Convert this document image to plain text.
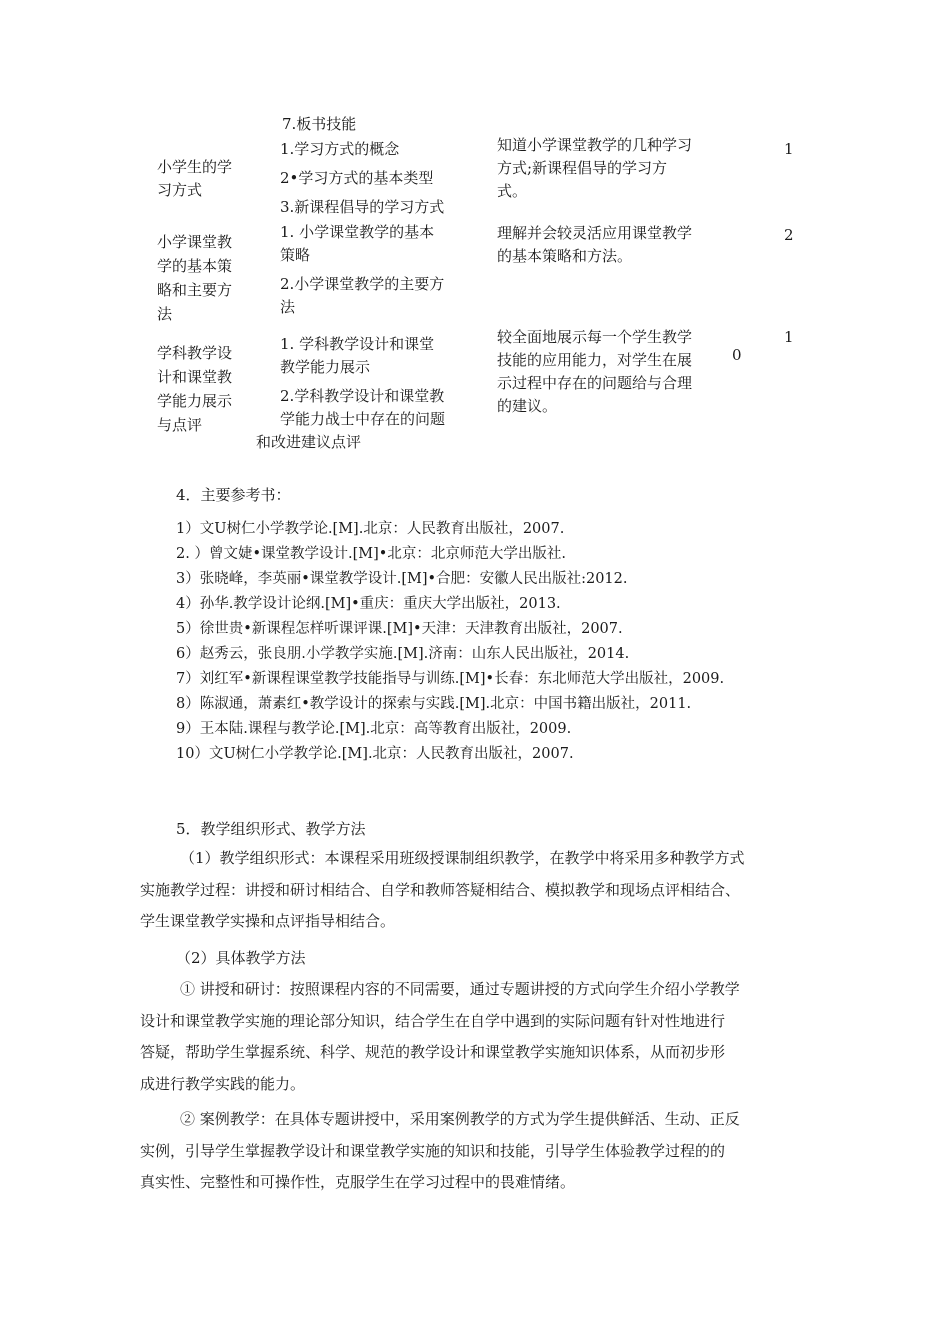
7.板书技能
小学生的学
习方式
1.学习方式的概念
2•学习方式的基本类型
3.新课程倡导的学习方式
知道小学课堂教学的几种学习
方式;新课程倡导的学习方
式。
1
小学课堂教
学的基本策
略和主要方
法
1. 小学课堂教学的基本
策略
2.小学课堂教学的主要方
法
理解并会较灵活应用课堂教学
的基本策略和方法。
2
学科教学设
计和课堂教
学能力展示
与点评
1. 学科教学设计和课堂
教学能力展示
2.学科教学设计和课堂教
学能力战士中存在的问题
和改进建议点评
较全面地展示每一个学生教学
技能的应用能力，对学生在展
示过程中存在的问题给与合理
的建议。
0
1
4．主要参考书：
1）文U树仁小学教学论.[M].北京：人民教育出版社，2007.
2. ）曾文婕•课堂教学设计.[M]•北京：北京师范大学出版社.
3）张晓峰，李英丽•课堂教学设计.[M]•合肥：安徽人民出版社:2012.
4）孙华.教学设计论纲.[M]•重庆：重庆大学出版社，2013.
5）徐世贵•新课程怎样听课评课.[M]•天津：天津教育出版社，2007.
6）赵秀云，张良朋.小学教学实施.[M].济南：山东人民出版社，2014.
7）刘红军•新课程课堂教学技能指导与训练.[M]•长春：东北师范大学出版社，2009.
8）陈淑通，萧素红•教学设计的探索与实践.[M].北京：中国书籍出版社，2011.
9）王本陆.课程与教学论.[M].北京：高等教育出版社，2009.
10）文U树仁小学教学论.[M].北京：人民教育出版社，2007.
5．教学组织形式、教学方法
（1）教学组织形式：本课程采用班级授课制组织教学，在教学中将采用多种教学方式
实施教学过程：讲授和研讨相结合、自学和教师答疑相结合、模拟教学和现场点评相结合、
学生课堂教学实操和点评指导相结合。
（2）具体教学方法
① 讲授和研讨：按照课程内容的不同需要，通过专题讲授的方式向学生介绍小学教学
设计和课堂教学实施的理论部分知识，结合学生在自学中遇到的实际问题有针对性地进行
答疑，帮助学生掌握系统、科学、规范的教学设计和课堂教学实施知识体系，从而初步形
成进行教学实践的能力。
② 案例教学：在具体专题讲授中，采用案例教学的方式为学生提供鲜活、生动、正反
实例，引导学生掌握教学设计和课堂教学实施的知识和技能，引导学生体验教学过程的的
真实性、完整性和可操作性，克服学生在学习过程中的畏难情绪。
